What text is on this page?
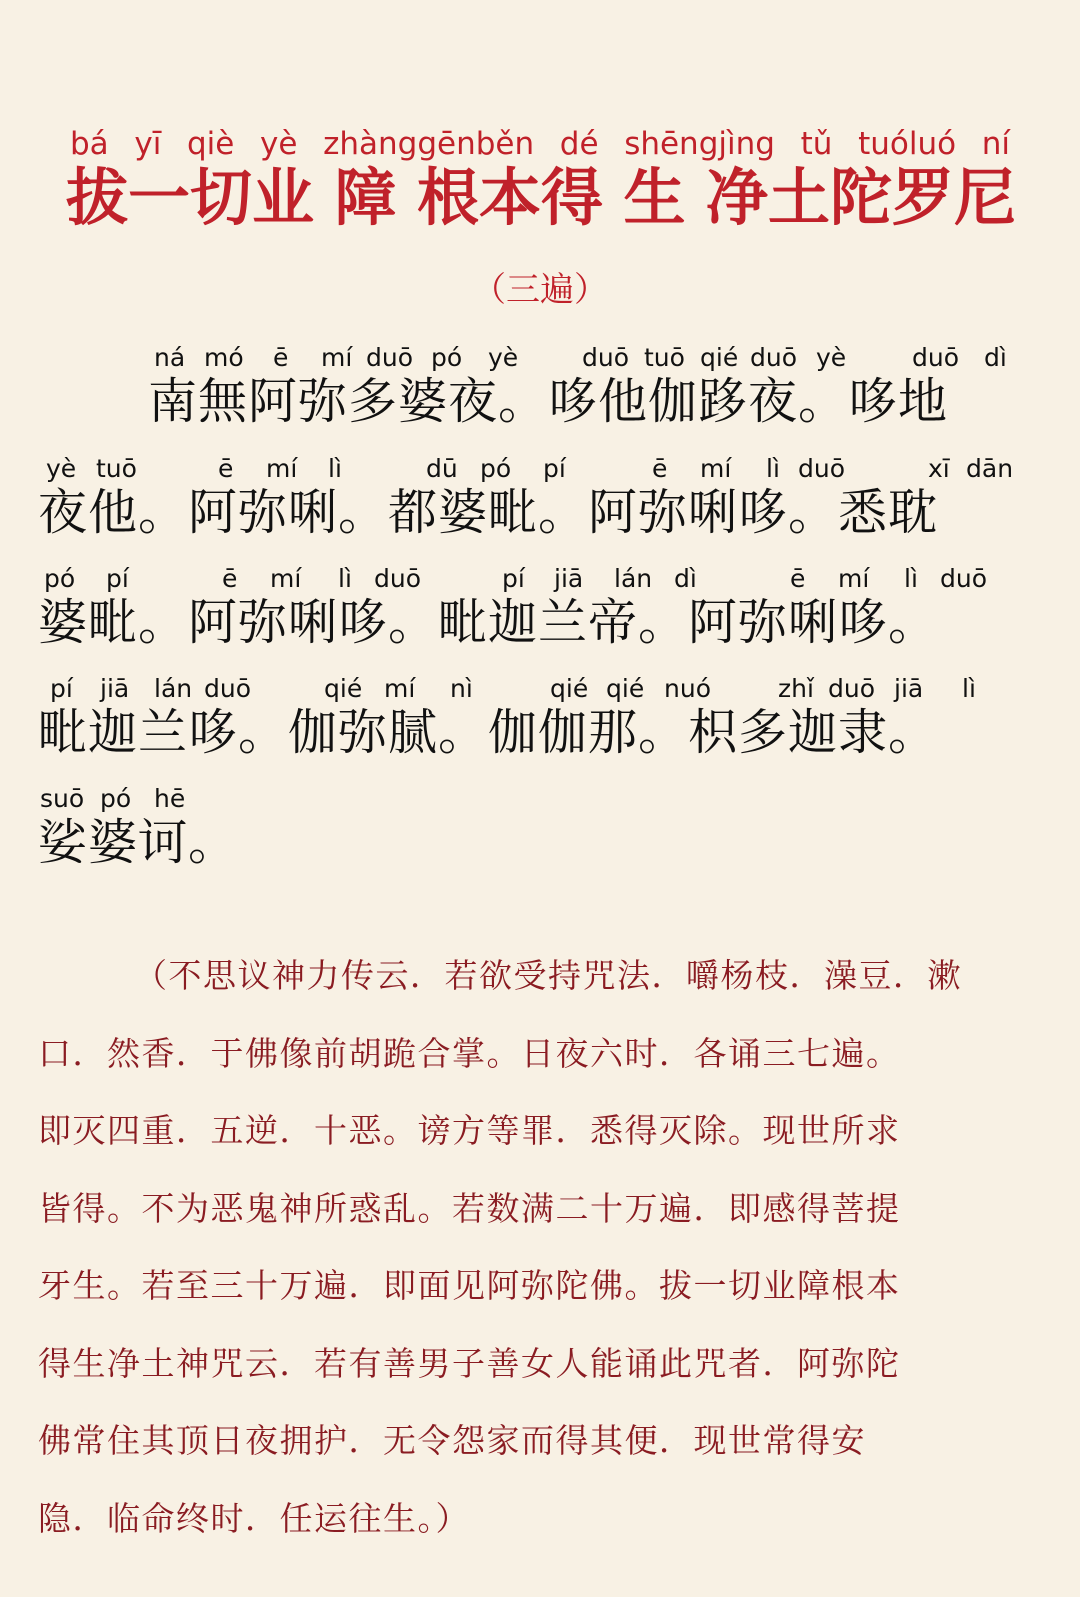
bá yī qiè yè zhànggēnběn dé shēngjìng tǔ tuóluó ní
拔一切业 障 根本得 生 净土陀罗尼
（三遍）
ná mó ē mí duō pó yè	duō tuō qié duō yè	duō dì
南無阿弥多婆夜。哆他伽跢夜。哆地
yè tuō	ē mí lì	dū pó pí	ē mí lì duō	xī dān
夜他。阿弥唎。都婆毗。阿弥唎哆。悉耽
pó pí	ē mí lì duō	pí jiā lán dì	ē mí lì duō
婆毗。阿弥唎哆。毗迦兰帝。阿弥唎哆。
pí jiā lán duō	qié mí nì	qié qié nuó	zhǐ duō jiā lì
毗迦兰哆。伽弥腻。伽伽那。枳多迦隶。
suō pó hē
娑婆诃。
（不思议神力传云．若欲受持咒法．嚼杨枝．澡豆．漱
口．然香．于佛像前胡跪合掌。日夜六时．各诵三七遍。
即灭四重．五逆．十恶。谤方等罪．悉得灭除。现世所求
皆得。不为恶鬼神所惑乱。若数满二十万遍．即感得菩提
牙生。若至三十万遍．即面见阿弥陀佛。拔一切业障根本
得生净土神咒云．若有善男子善女人能诵此咒者．阿弥陀
佛常住其顶日夜拥护．无令怨家而得其便．现世常得安
隐．临命终时．任运往生。）
